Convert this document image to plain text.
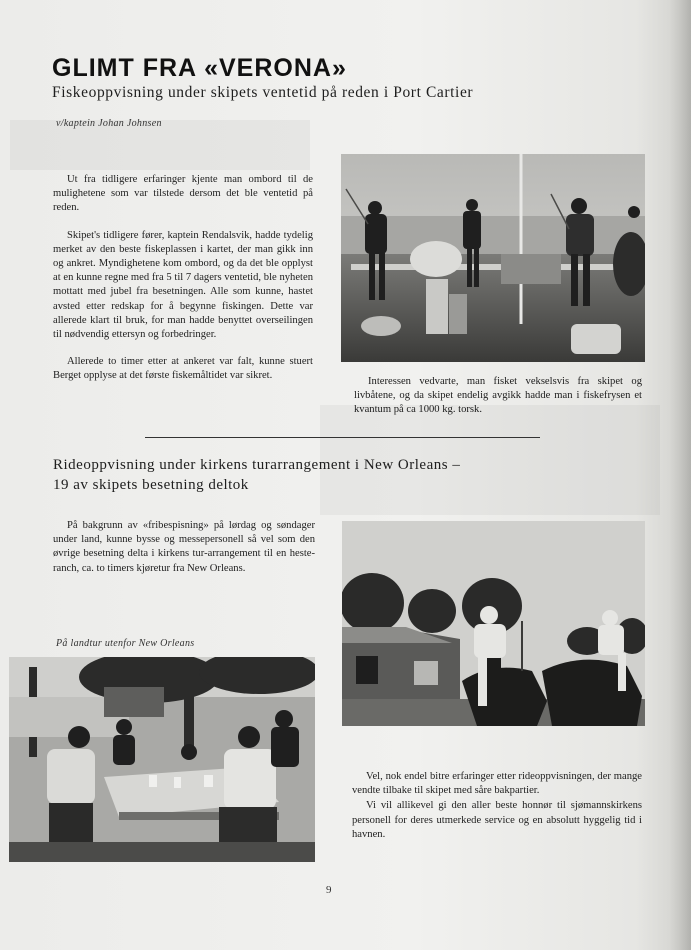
GLIMT FRA «VERONA»
Fiskeoppvisning under skipets ventetid på reden i Port Cartier
v/kaptein Johan Johnsen

Ut fra tidligere erfaringer kjente man ombord til de mulighetene som var tilstede dersom det ble ventetid på reden.

Skipet's tidligere fører, kaptein Rendalsvik, hadde tydelig merket av den beste fiskeplassen i kartet, der man gikk inn og ankret. Myndighetene kom ombord, og da det ble opplyst at en kunne regne med fra 5 til 7 dagers ventetid, ble nyheten mottatt med jubel fra besetningen. Alle som kunne, hastet avsted etter redskap for å begynne fiskingen. Dette var allerede klart til bruk, for man hadde benyttet overseilingen til nødvendig ettersyn og forbedringer.

Allerede to timer etter at ankeret var falt, kunne stuert Berget opplyse at det første fiskemåltidet var sikret.

Interessen vedvarte, man fisket vekselsvis fra skipet og livbåtene, og da skipet endelig avgikk hadde man i fiskefrysen et kvantum på ca 1000 kg. torsk.
Rideoppvisning under kirkens turarrangement i New Orleans –
19 av skipets besetning deltok

På bakgrunn av «fribespisning» på lørdag og søndager under land, kunne bysse og messepersonell så vel som den øvrige besetning delta i kirkens tur-arrangement til en heste-ranch, ca. to timers kjøretur fra New Orleans.

På landtur utenfor New Orleans

Vel, nok endel bitre erfaringer etter rideoppvisningen, der mange vendte tilbake til skipet med såre bakpartier.

Vi vil allikevel gi den aller beste honnør til sjømannskirkens personell for deres utmerkede service og en absolutt hyggelig tid i havnen.

9
